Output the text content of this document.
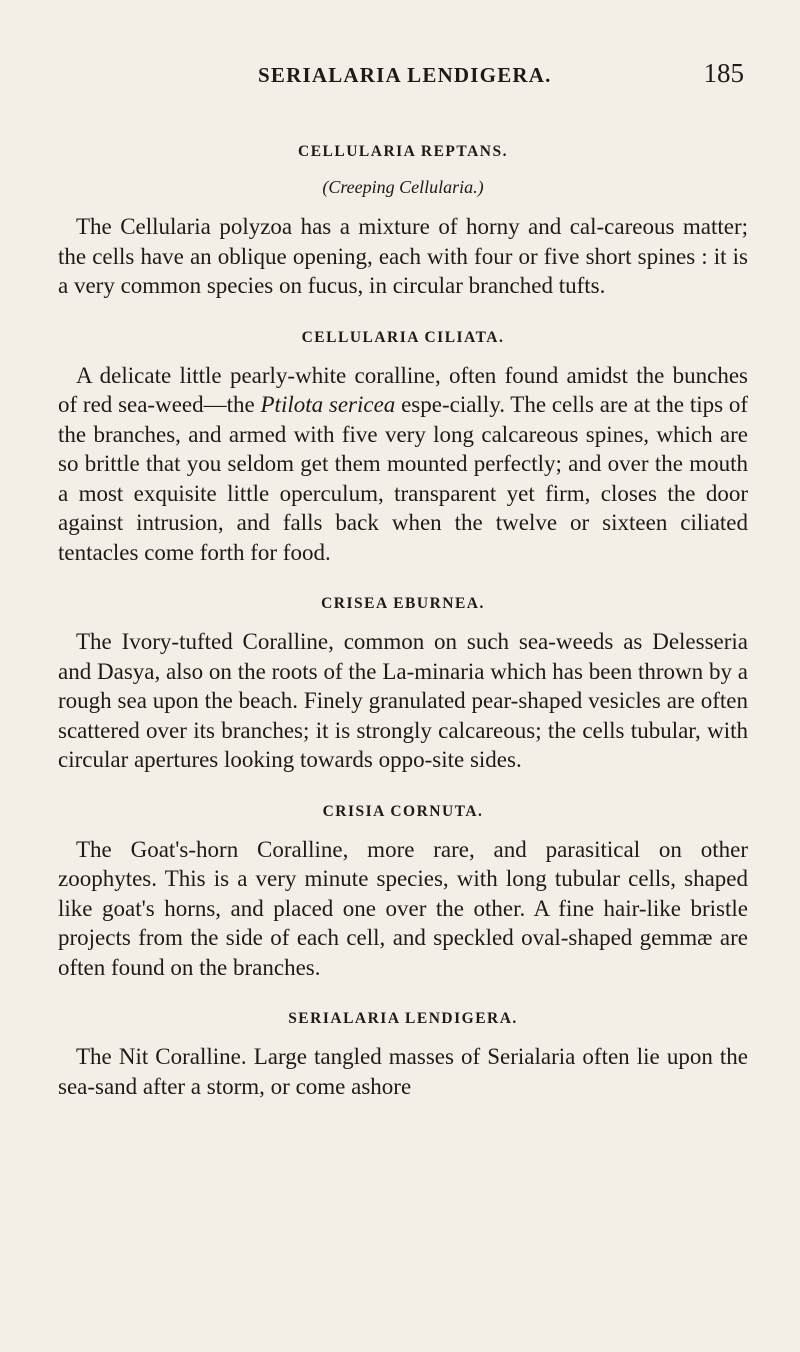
SERIALARIA LENDIGERA.	185

CELLULARIA REPTANS.

(Creeping Cellularia.)

The Cellularia polyzoa has a mixture of horny and cal-careous matter; the cells have an oblique opening, each with four or five short spines : it is a very common species on fucus, in circular branched tufts.

CELLULARIA CILIATA.

A delicate little pearly-white coralline, often found amidst the bunches of red sea-weed—the Ptilota sericea espe-cially. The cells are at the tips of the branches, and armed with five very long calcareous spines, which are so brittle that you seldom get them mounted perfectly; and over the mouth a most exquisite little operculum, transparent yet firm, closes the door against intrusion, and falls back when the twelve or sixteen ciliated tentacles come forth for food.

CRISEA EBURNEA.

The Ivory-tufted Coralline, common on such sea-weeds as Delesseria and Dasya, also on the roots of the La-minaria which has been thrown by a rough sea upon the beach. Finely granulated pear-shaped vesicles are often scattered over its branches; it is strongly calcareous; the cells tubular, with circular apertures looking towards oppo-site sides.

CRISIA CORNUTA.

The Goat's-horn Coralline, more rare, and parasitical on other zoophytes. This is a very minute species, with long tubular cells, shaped like goat's horns, and placed one over the other. A fine hair-like bristle projects from the side of each cell, and speckled oval-shaped gemmæ are often found on the branches.

SERIALARIA LENDIGERA.

The Nit Coralline. Large tangled masses of Serialaria often lie upon the sea-sand after a storm, or come ashore
